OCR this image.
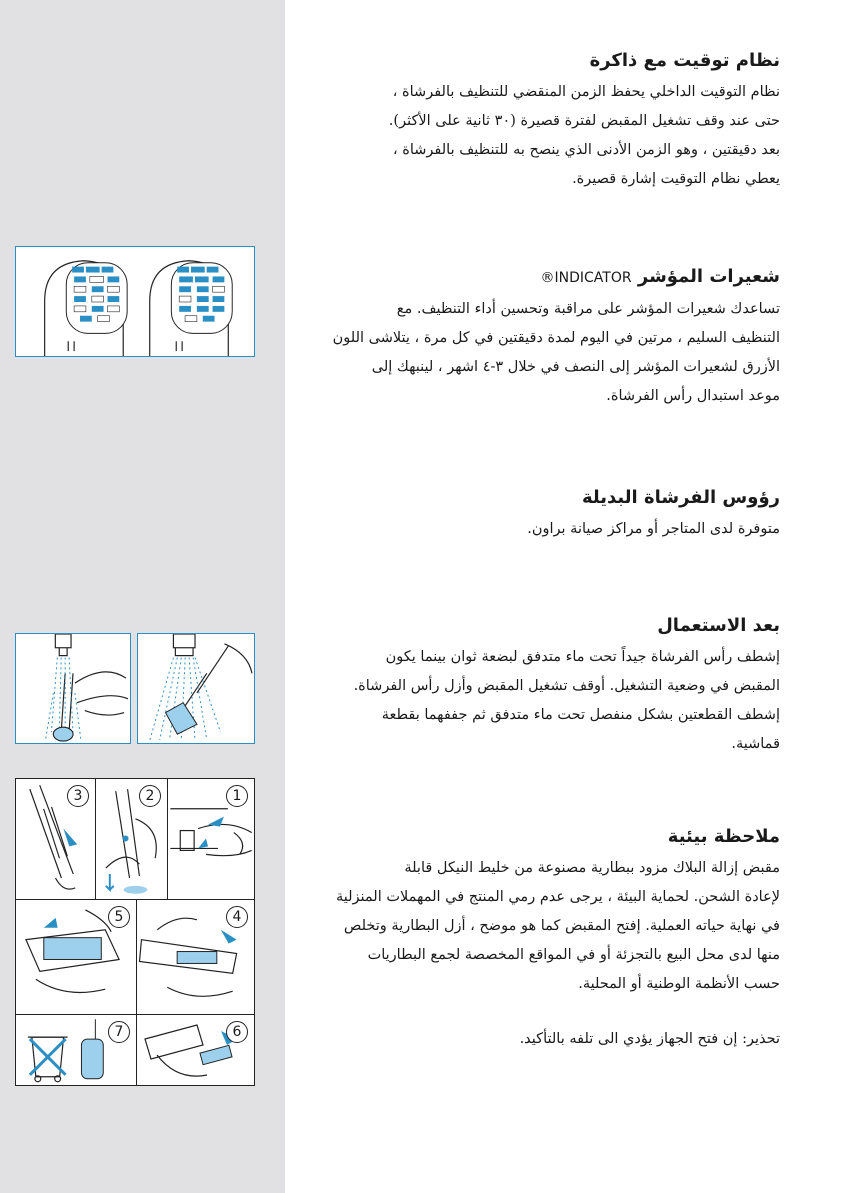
3	2	1
5	4
7	6
نظام توقيت مع ذاكرة

نظام التوقيت الداخلي يحفظ الزمن المنقضي للتنظيف بالفرشاة ،

حتى عند وقف تشغيل المقبض لفترة قصيرة (٣٠ ثانية على الأكثر).

بعد دقيقتين ، وهو الزمن الأدنى الذي ينصح به للتنظيف بالفرشاة ،

يعطي نظام التوقيت إشارة قصيرة.

شعيرات المؤشر INDICATOR®

تساعدك شعيرات المؤشر على مراقبة وتحسين أداء التنظيف. مع

التنظيف السليم ، مرتين في اليوم لمدة دقيقتين في كل مرة ، يتلاشى اللون

الأزرق لشعيرات المؤشر إلى النصف في خلال ٣-٤ اشهر ، لينبهك إلى

موعد استبدال رأس الفرشاة.

رؤوس الفرشاة البديلة

متوفرة لدى المتاجر أو مراكز صيانة براون.

بعد الاستعمال

إشطف رأس الفرشاة جيداً تحت ماء متدفق لبضعة ثوان بينما يكون

المقبض في وضعية التشغيل. أوقف تشغيل المقبض وأزل رأس الفرشاة.

إشطف القطعتين بشكل منفصل تحت ماء متدفق ثم جففهما بقطعة

قماشية.

ملاحظة بيئية

مقبض إزالة البلاك مزود ببطارية مصنوعة من خليط النيكل قابلة

لإعادة الشحن. لحماية البيئة ، يرجى عدم رمي المنتج في المهملات المنزلية

في نهاية حياته العملية. إفتح المقبض كما هو موضح ، أزل البطارية وتخلص

منها لدى محل البيع بالتجزئة أو في المواقع المخصصة لجمع البطاريات

حسب الأنظمة الوطنية أو المحلية.

تحذير: إن فتح الجهاز يؤدي الى تلفه بالتأكيد.
